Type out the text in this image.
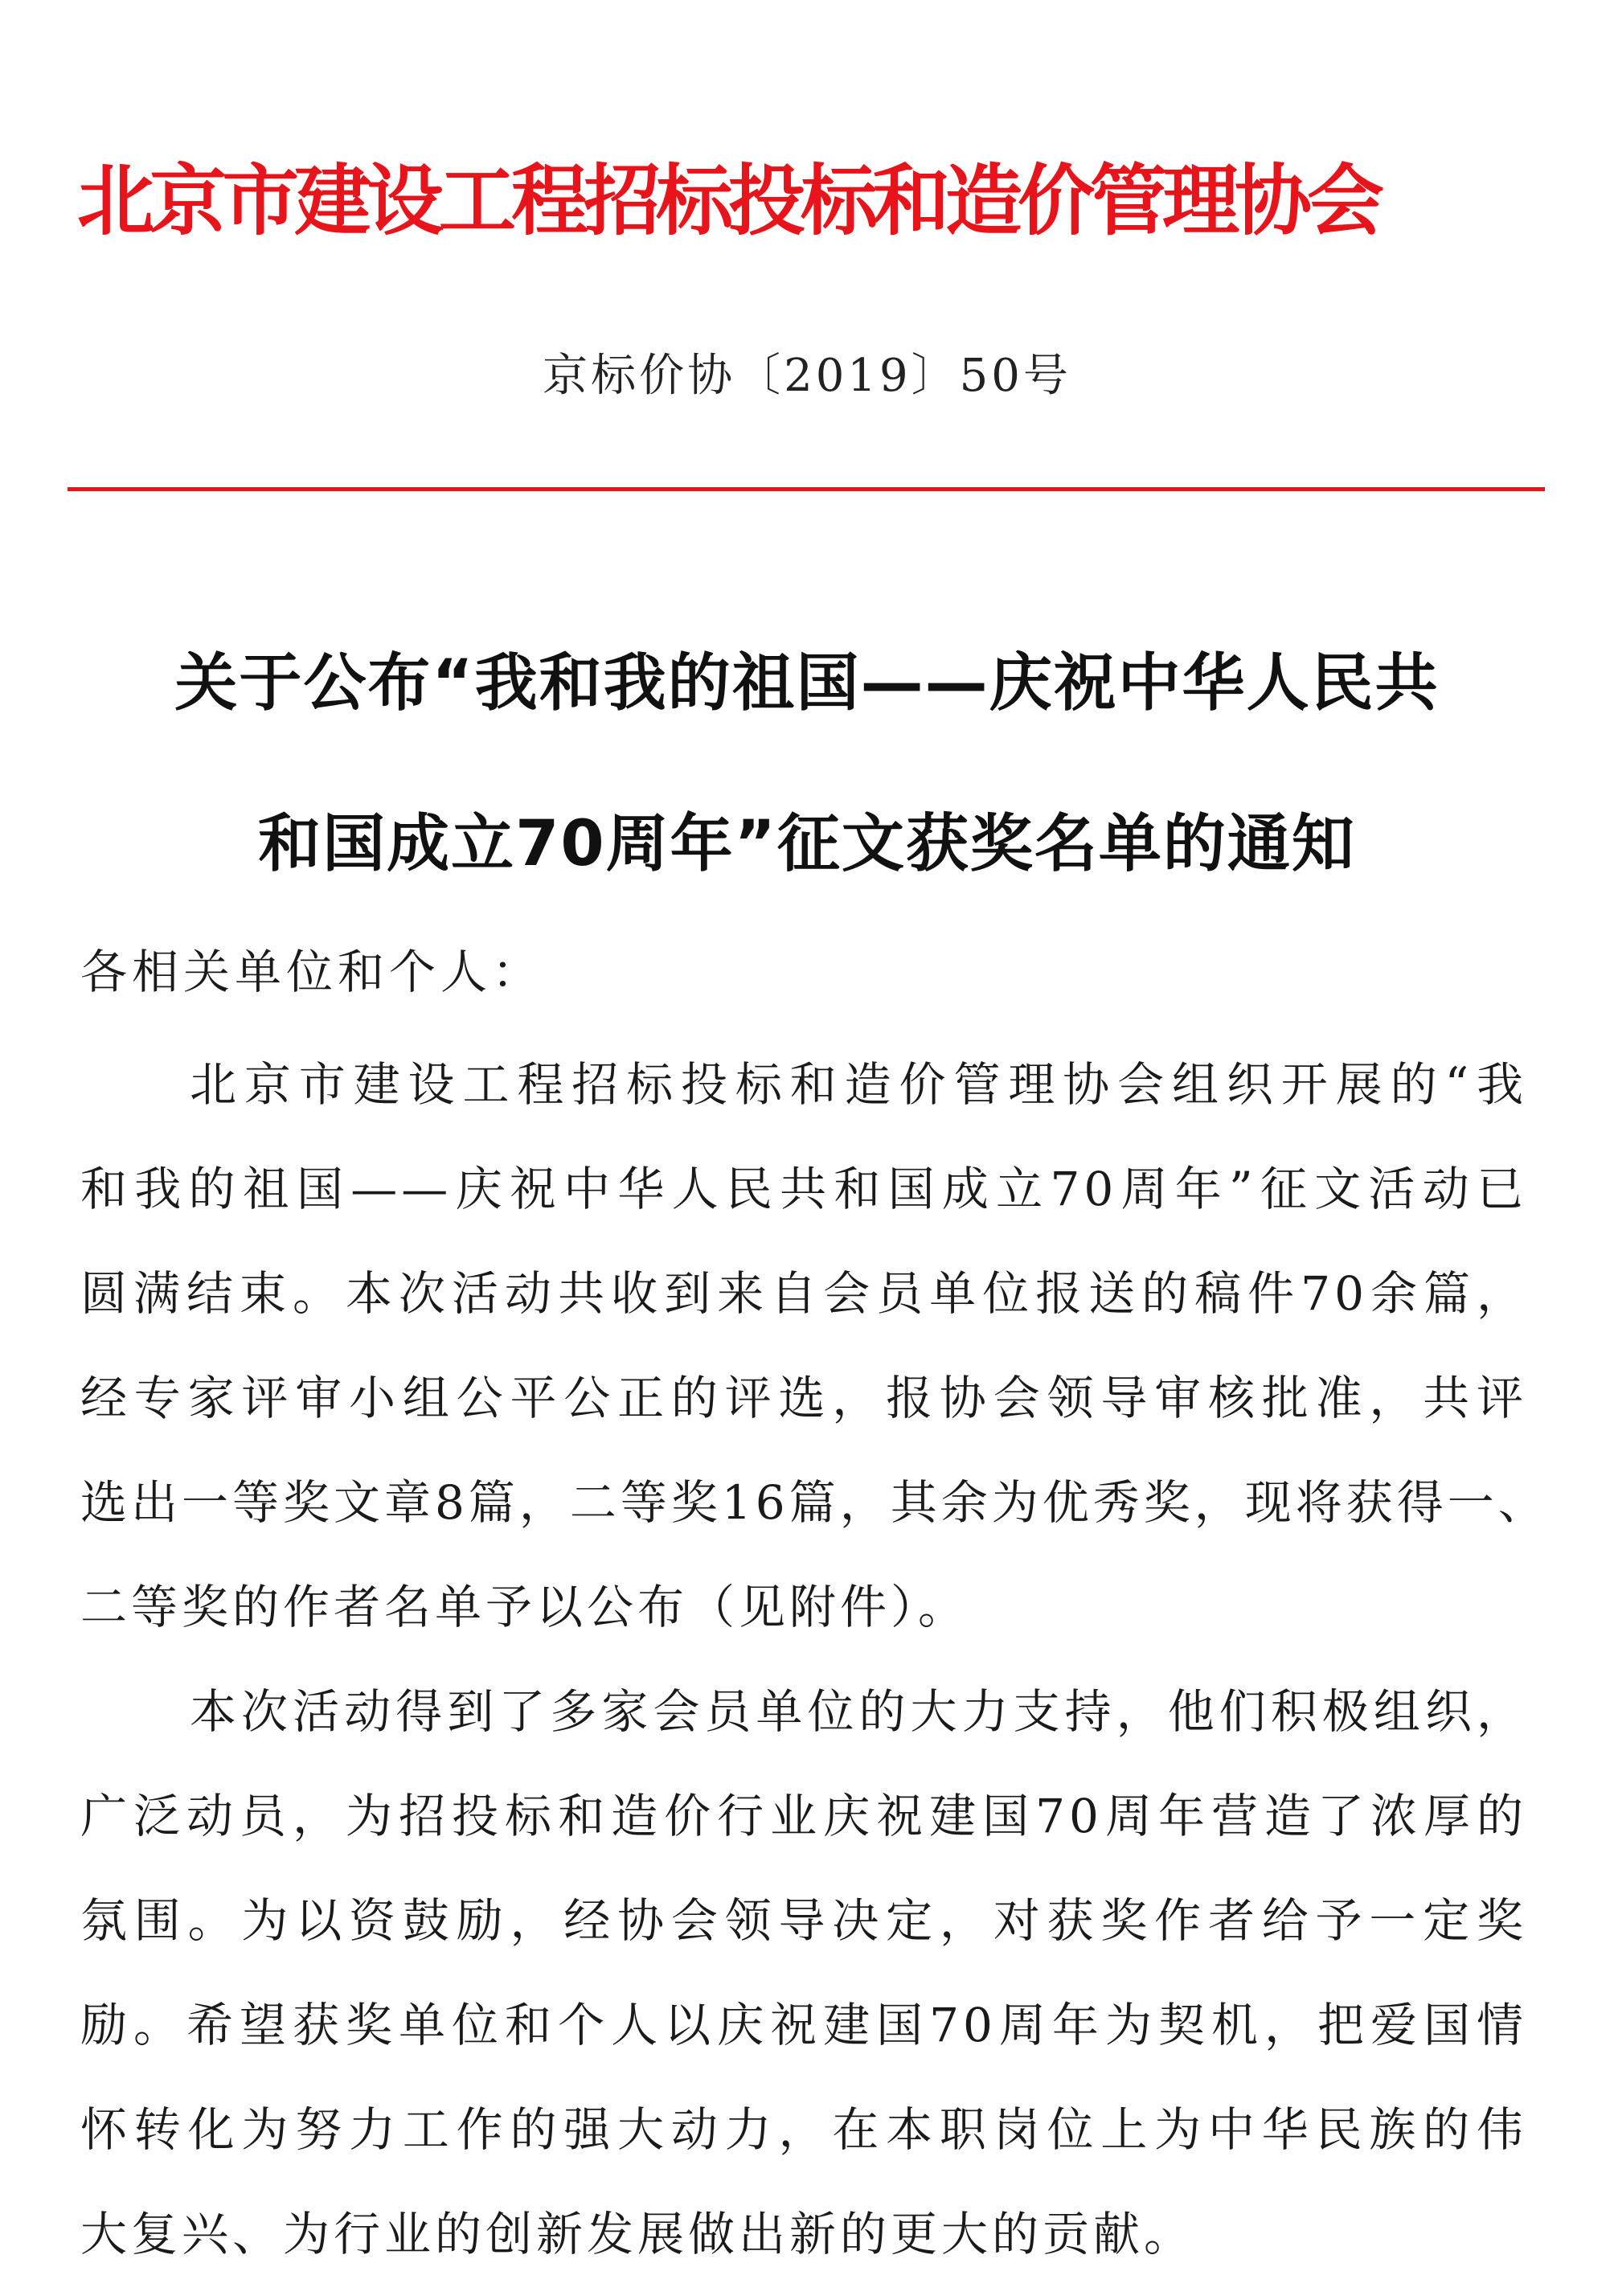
北京市建设工程招标投标和造价管理协会
京标价协〔2019〕50号
关于公布“我和我的祖国——庆祝中华人民共
和国成立70周年”征文获奖名单的通知
各相关单位和个人：
北京市建设工程招标投标和造价管理协会组织开展的“我
和我的祖国——庆祝中华人民共和国成立70周年”征文活动已
圆满结束。本次活动共收到来自会员单位报送的稿件70余篇，
经专家评审小组公平公正的评选，报协会领导审核批准，共评
选出一等奖文章8篇，二等奖16篇，其余为优秀奖，现将获得一、
二等奖的作者名单予以公布（见附件）。
本次活动得到了多家会员单位的大力支持，他们积极组织，
广泛动员，为招投标和造价行业庆祝建国70周年营造了浓厚的
氛围。为以资鼓励，经协会领导决定，对获奖作者给予一定奖
励。希望获奖单位和个人以庆祝建国70周年为契机，把爱国情
怀转化为努力工作的强大动力，在本职岗位上为中华民族的伟
大复兴、为行业的创新发展做出新的更大的贡献。
